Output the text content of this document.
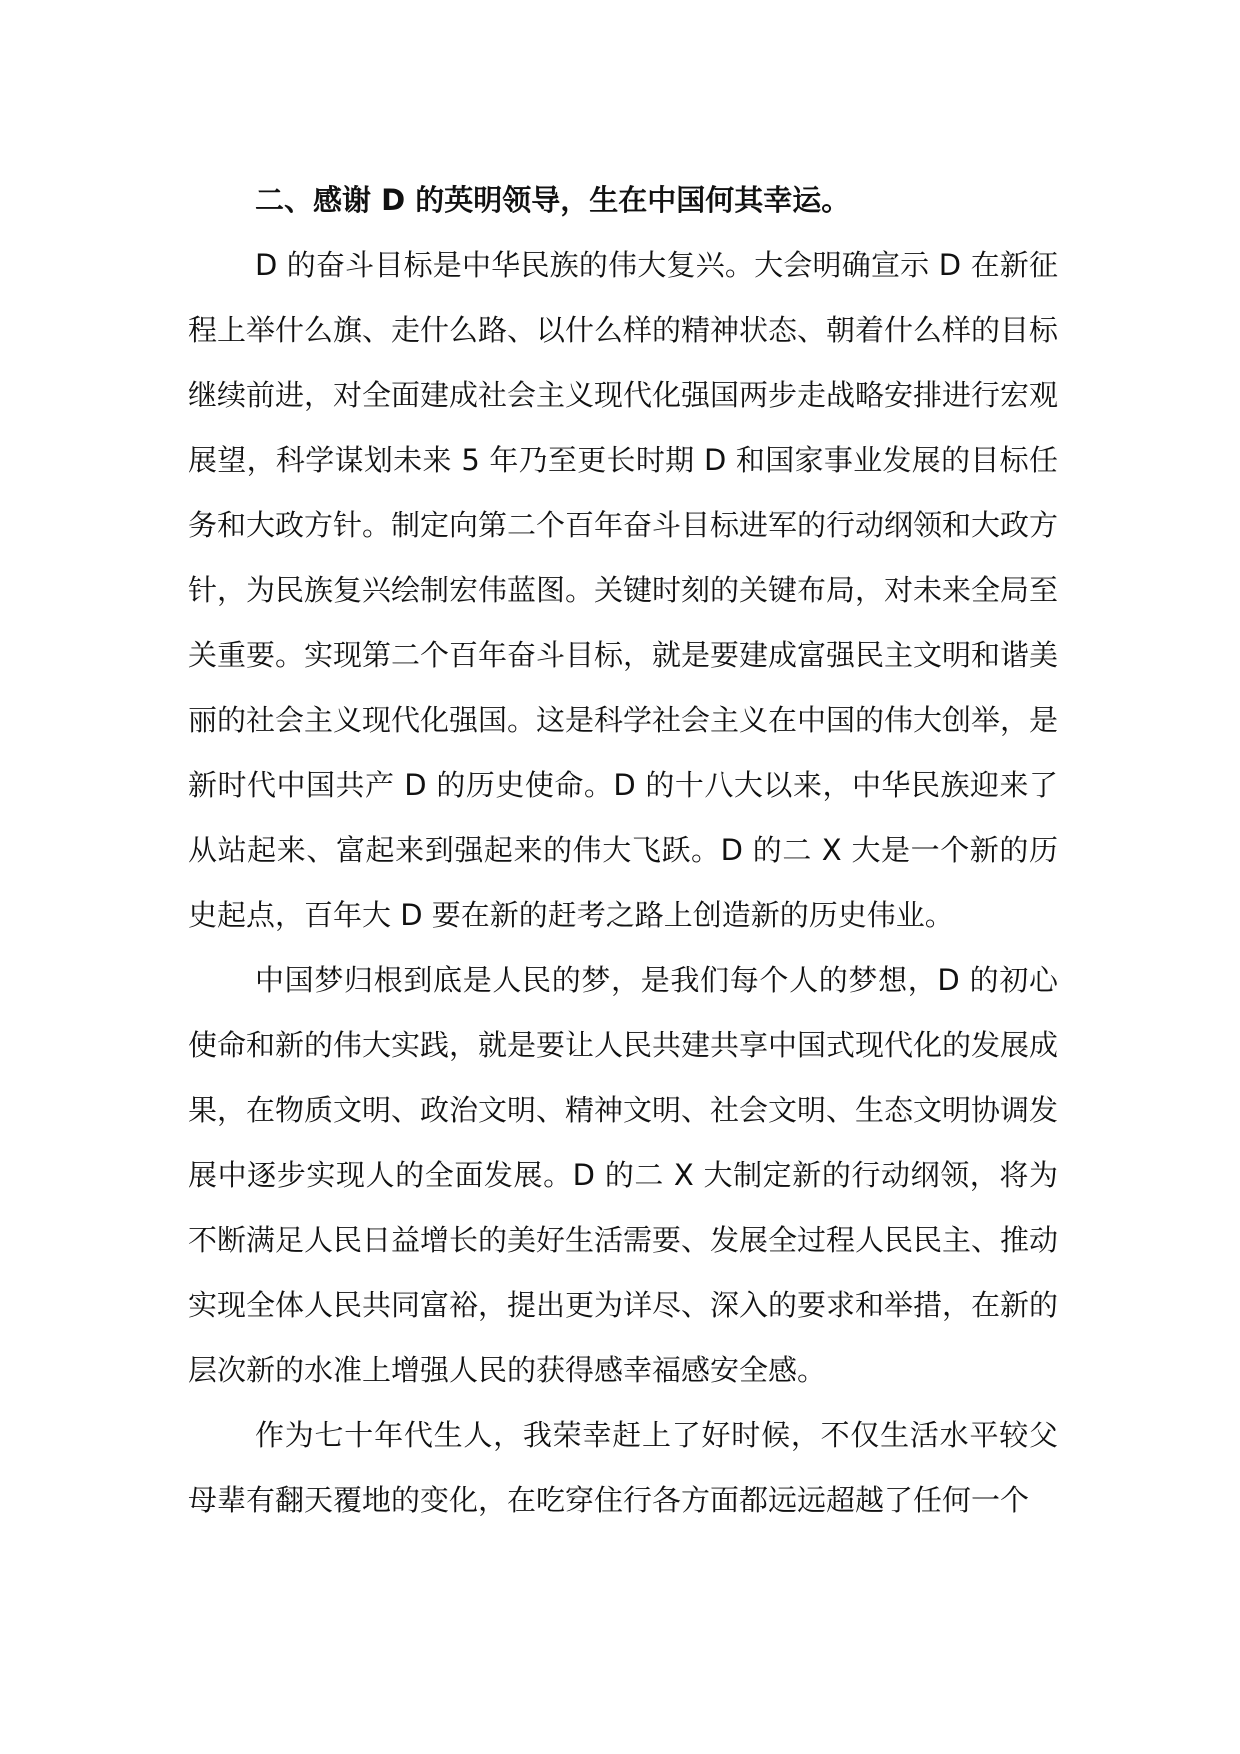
二、感谢 D 的英明领导，生在中国何其幸运。

D 的奋斗目标是中华民族的伟大复兴。大会明确宣示 D 在新征程上举什么旗、走什么路、以什么样的精神状态、朝着什么样的目标继续前进，对全面建成社会主义现代化强国两步走战略安排进行宏观展望，科学谋划未来 5 年乃至更长时期 D 和国家事业发展的目标任务和大政方针。制定向第二个百年奋斗目标进军的行动纲领和大政方针，为民族复兴绘制宏伟蓝图。关键时刻的关键布局，对未来全局至关重要。实现第二个百年奋斗目标，就是要建成富强民主文明和谐美丽的社会主义现代化强国。这是科学社会主义在中国的伟大创举，是新时代中国共产 D 的历史使命。D 的十八大以来，中华民族迎来了从站起来、富起来到强起来的伟大飞跃。D 的二 X 大是一个新的历史起点，百年大 D 要在新的赶考之路上创造新的历史伟业。

中国梦归根到底是人民的梦，是我们每个人的梦想，D 的初心使命和新的伟大实践，就是要让人民共建共享中国式现代化的发展成果，在物质文明、政治文明、精神文明、社会文明、生态文明协调发展中逐步实现人的全面发展。D 的二 X 大制定新的行动纲领，将为不断满足人民日益增长的美好生活需要、发展全过程人民民主、推动实现全体人民共同富裕，提出更为详尽、深入的要求和举措，在新的层次新的水准上增强人民的获得感幸福感安全感。

作为七十年代生人，我荣幸赶上了好时候，不仅生活水平较父母辈有翻天覆地的变化，在吃穿住行各方面都远远超越了任何一个
